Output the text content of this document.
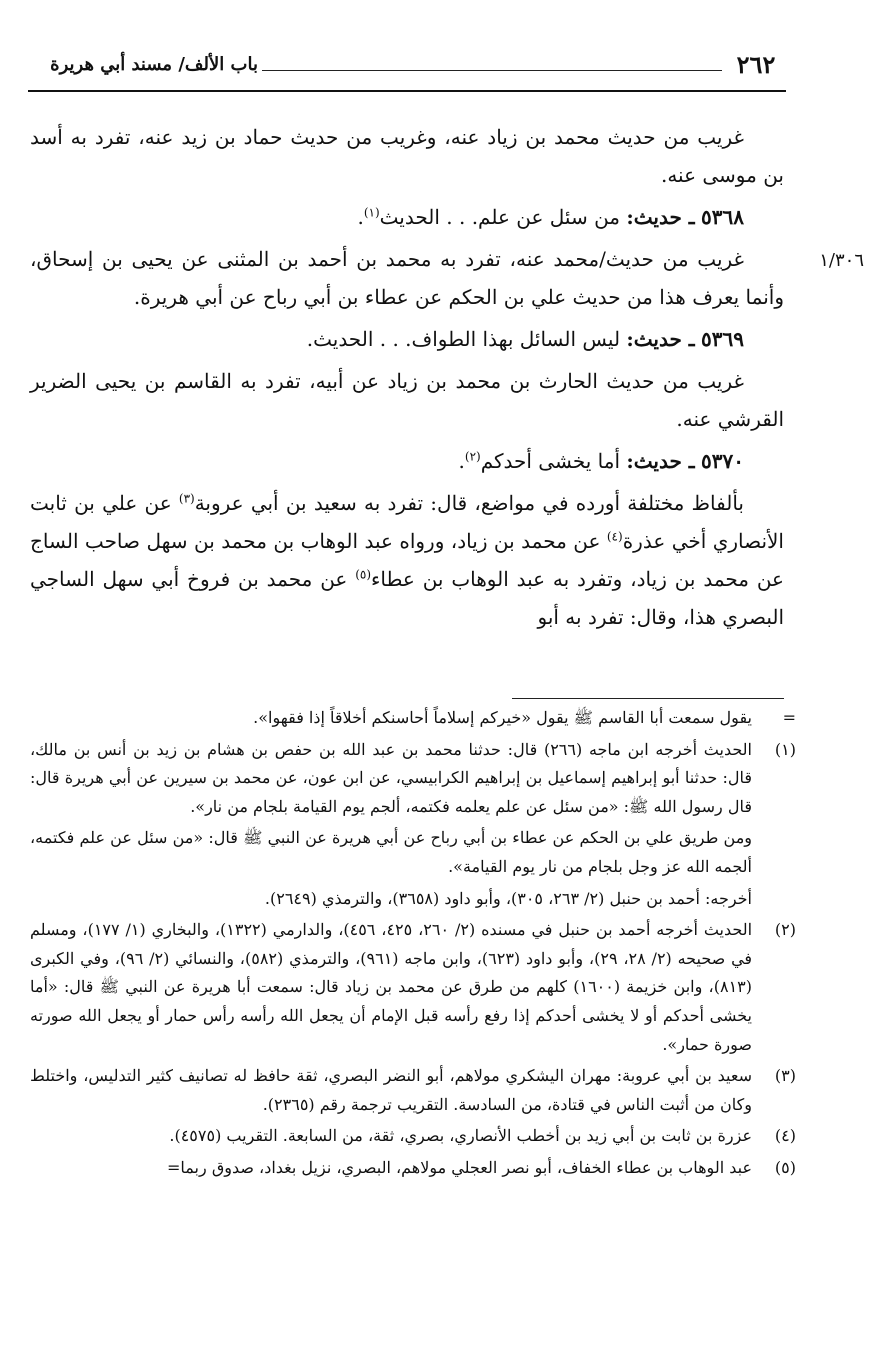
باب الألف/ مسند أبي هريرة	٢٦٢
١/٣٠٦

غريب من حديث محمد بن زياد عنه، وغريب من حديث حماد بن زيد عنه، تفرد به أسد بن موسى عنه.

٥٣٦٨ ـ حديث: من سئل عن علم. . . الحديث$^{(١)}$.

غريب من حديث/محمد عنه، تفرد به محمد بن أحمد بن المثنى عن يحيى بن إسحاق، وأنما يعرف هذا من حديث علي بن الحكم عن عطاء بن أبي رباح عن أبي هريرة.

٥٣٦٩ ـ حديث: ليس السائل بهذا الطواف. . . الحديث.

غريب من حديث الحارث بن محمد بن زياد عن أبيه، تفرد به القاسم بن يحيى الضرير القرشي عنه.

٥٣٧٠ ـ حديث: أما يخشى أحدكم$^{(٢)}$.

بألفاظ مختلفة أورده في مواضع، قال: تفرد به سعيد بن أبي عروبة$^{(٣)}$ عن علي بن ثابت الأنصاري أخي عذرة$^{(٤)}$ عن محمد بن زياد، ورواه عبد الوهاب بن محمد بن سهل صاحب الساج عن محمد بن زياد، وتفرد به عبد الوهاب بن عطاء$^{(٥)}$ عن محمد بن فروخ أبي سهل الساجي البصري هذا، وقال: تفرد به أبو

=

يقول سمعت أبا القاسم ﷺ يقول «خيركم إسلاماً أحاسنكم أخلاقاً إذا فقهوا».

(١)

الحديث أخرجه ابن ماجه (٢٦٦) قال: حدثنا محمد بن عبد الله بن حفص بن هشام بن زيد بن أنس بن مالك، قال: حدثنا أبو إبراهيم إسماعيل بن إبراهيم الكرابيسي، عن ابن عون، عن محمد بن سيرين عن أبي هريرة قال: قال رسول الله ﷺ: «من سئل عن علم يعلمه فكتمه، ألجم يوم القيامة بلجام من نار».

ومن طريق علي بن الحكم عن عطاء بن أبي رباح عن أبي هريرة عن النبي ﷺ قال: «من سئل عن علم فكتمه، ألجمه الله عز وجل بلجام من نار يوم القيامة».

أخرجه: أحمد بن حنبل (٢/ ٢٦٣، ٣٠٥)، وأبو داود (٣٦٥٨)، والترمذي (٢٦٤٩).

(٢)

الحديث أخرجه أحمد بن حنبل في مسنده (٢/ ٢٦٠، ٤٢٥، ٤٥٦)، والدارمي (١٣٢٢)، والبخاري (١/ ١٧٧)، ومسلم في صحيحه (٢/ ٢٨، ٢٩)، وأبو داود (٦٢٣)، وابن ماجه (٩٦١)، والترمذي (٥٨٢)، والنسائي (٢/ ٩٦)، وفي الكبرى (٨١٣)، وابن خزيمة (١٦٠٠) كلهم من طرق عن محمد بن زياد قال: سمعت أبا هريرة عن النبي ﷺ قال: «أما يخشى أحدكم أو لا يخشى أحدكم إذا رفع رأسه قبل الإمام أن يجعل الله رأسه رأس حمار أو يجعل الله صورته صورة حمار».

(٣)

سعيد بن أبي عروبة: مهران اليشكري مولاهم، أبو النضر البصري، ثقة حافظ له تصانيف كثير التدليس، واختلط وكان من أثبت الناس في قتادة، من السادسة. التقريب ترجمة رقم (٢٣٦٥).

(٤)

عزرة بن ثابت بن أبي زيد بن أخطب الأنصاري، بصري، ثقة، من السابعة. التقريب (٤٥٧٥).

(٥)

عبد الوهاب بن عطاء الخفاف، أبو نصر العجلي مولاهم، البصري، نزيل بغداد، صدوق ربما=
